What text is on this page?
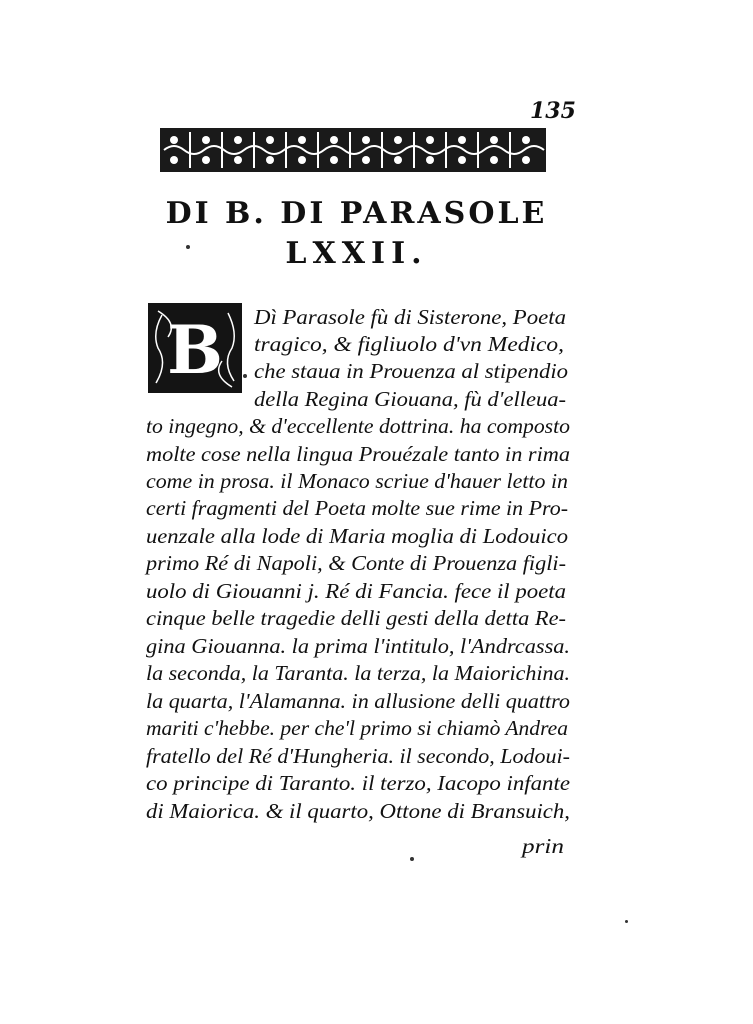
135
DI B. DI PARASOLE
LXXII.
B Dì Parasole fù di Sisterone, Poeta
tragico, & figliuolo d'vn Medico,
che staua in Prouenza al stipendio
della Regina Giouana, fù d'elleua-
to ingegno, & d'eccellente dottrina. ha composto
molte cose nella lingua Prouézale tanto in rima
come in prosa. il Monaco scriue d'hauer letto in
certi fragmenti del Poeta molte sue rime in Pro-
uenzale alla lode di Maria moglia di Lodouico
primo Ré di Napoli, & Conte di Prouenza figli-
uolo di Giouanni j. Ré di Fancia. fece il poeta
cinque belle tragedie delli gesti della detta Re-
gina Giouanna. la prima l'intitulo, l'Andrcassa.
la seconda, la Taranta. la terza, la Maiorichina.
la quarta, l'Alamanna. in allusione delli quattro
mariti c'hebbe. per che'l primo si chiamò Andrea
fratello del Ré d'Hungheria. il secondo, Lodoui-
co principe di Taranto. il terzo, Iacopo infante
di Maiorica. & il quarto, Ottone di Bransuich,
prin
